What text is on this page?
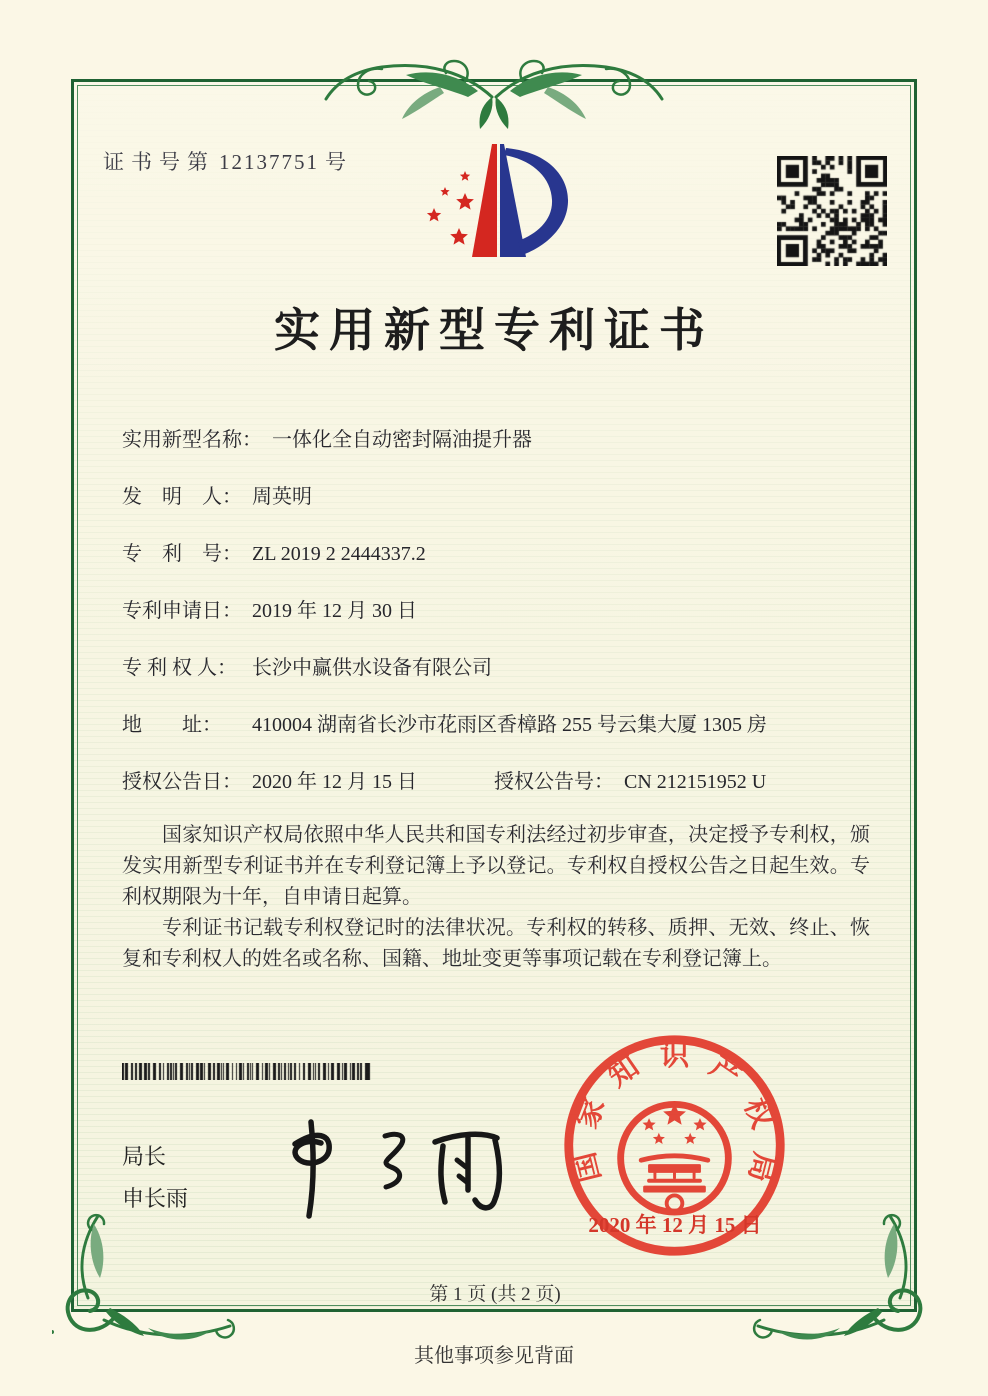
证书号第 12137751 号
实用新型专利证书
实用新型名称： 一体化全自动密封隔油提升器
发　明　人： 周英明
专　利　号： ZL 2019 2 2444337.2
专利申请日： 2019 年 12 月 30 日
专 利 权 人： 长沙中赢供水设备有限公司
地　　址： 410004 湖南省长沙市花雨区香樟路 255 号云集大厦 1305 房
授权公告日： 2020 年 12 月 15 日	授权公告号： CN 212151952 U

国家知识产权局依照中华人民共和国专利法经过初步审查，决定授予专利权，颁发实用新型专利证书并在专利登记簿上予以登记。专利权自授权公告之日起生效。专利权期限为十年，自申请日起算。

专利证书记载专利权登记时的法律状况。专利权的转移、质押、无效、终止、恢复和专利权人的姓名或名称、国籍、地址变更等事项记载在专利登记簿上。

局长
申长雨
国
家
知 识 产
权
局
2020 年 12 月 15 日
第 1 页 (共 2 页)
其他事项参见背面
